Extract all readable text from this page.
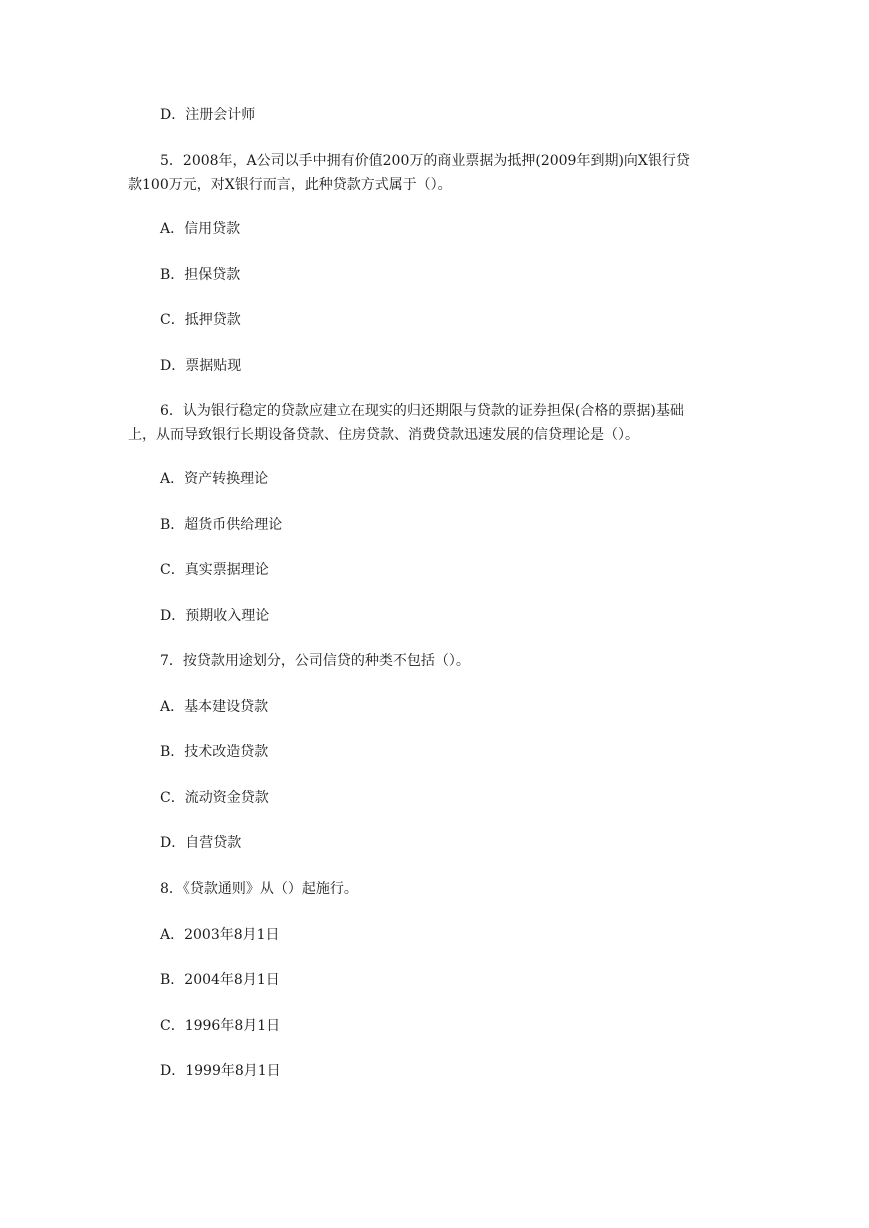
D．注册会计师
5．2008年，A公司以手中拥有价值200万的商业票据为抵押(2009年到期)向X银行贷
款100万元，对X银行而言，此种贷款方式属于（）。
A．信用贷款
B．担保贷款
C．抵押贷款
D．票据贴现
6．认为银行稳定的贷款应建立在现实的归还期限与贷款的证券担保(合格的票据)基础
上，从而导致银行长期设备贷款、住房贷款、消费贷款迅速发展的信贷理论是（）。
A．资产转换理论
B．超货币供给理论
C．真实票据理论
D．预期收入理论
7．按贷款用途划分，公司信贷的种类不包括（）。
A．基本建设贷款
B．技术改造贷款
C．流动资金贷款
D．自营贷款
8．《贷款通则》从（）起施行。
A．2003年8月1日
B．2004年8月1日
C．1996年8月1日
D．1999年8月1日
